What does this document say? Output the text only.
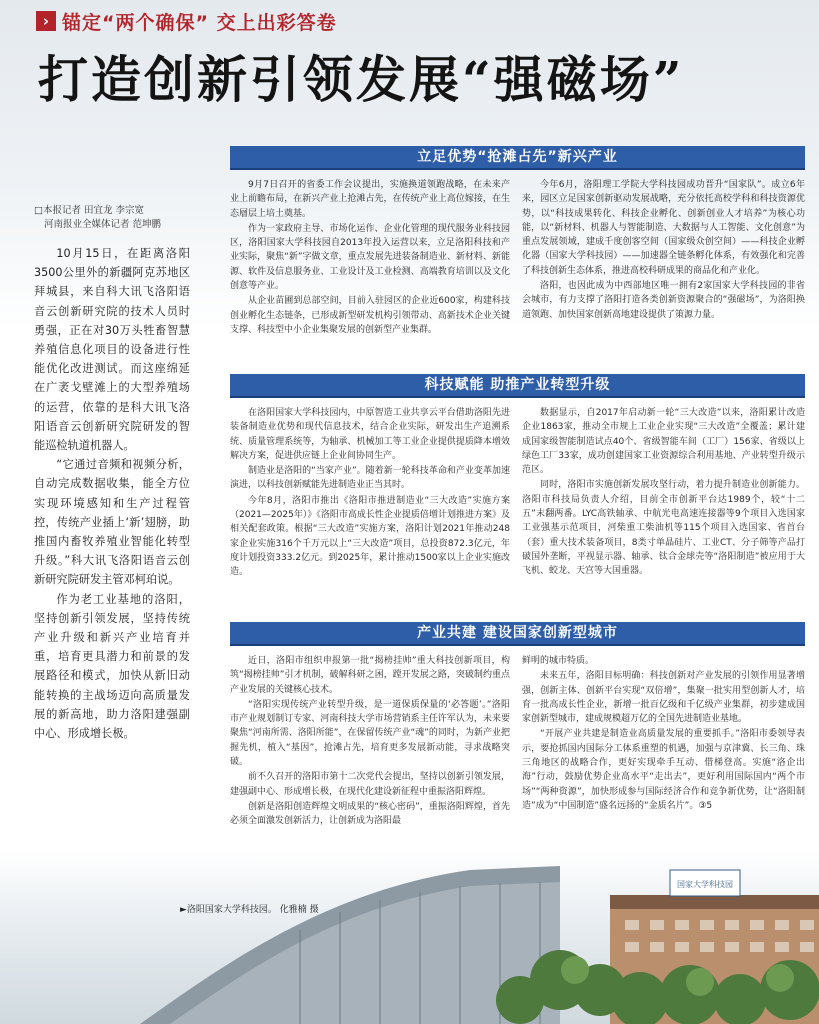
› 锚定“两个确保” 交上出彩答卷
打造创新引领发展“强磁场”
立足优势“抢滩占先”新兴产业

9月7日召开的省委工作会议提出，实施换道领跑战略，在未来产业上前瞻布局，在新兴产业上抢滩占先，在传统产业上高位嫁接，在生态層层上培土奠基。

作为一家政府主导、市场化运作、企业化管理的现代服务业科技园区，洛阳国家大学科技园自2013年投入运营以来，立足洛阳科技和产业实际，聚焦“新”字做文章，重点发展先进装备制造业、新材料、新能源、软件及信息服务业、工业设计及工业检测、高端教育培训以及文化创意等产业。

从企业苗圃到总部空间，目前入驻园区的企业近600家，构建科技创业孵化生态链条，已形成新型研发机构引领带动、高新技术企业关键支撑、科技型中小企业集聚发展的创新型产业集群。

今年6月，洛阳理工学院大学科技园成功晋升“国家队”。成立6年来，园区立足国家创新驱动发展战略，充分依托高校学科和科技资源优势，以“科技成果转化、科技企业孵化、创新创业人才培养”为核心功能，以“新材料、机器人与智能制造、大数据与人工智能、文化创意”为重点发展领域，建成千度创客空间（国家级众创空间）——科技企业孵化器（国家大学科技园）——加速器全链条孵化体系，有效强化和完善了科技创新生态体系，推进高校科研成果的商品化和产业化。

洛阳，也因此成为中西部地区唯一拥有2家国家大学科技园的非省会城市，有力支撑了洛阳打造各类创新资源聚合的“强磁场”，为洛阳换道领跑、加快国家创新高地建设提供了策源力量。

□本报记者 田宜龙 李宗宽
河南报业全媒体记者 范坤鹏

10月15日，在距离洛阳3500公里外的新疆阿克苏地区拜城县，来自科大讯飞洛阳语音云创新研究院的技术人员时勇强，正在对30万头牲畜智慧养殖信息化项目的设备进行性能优化改进测试。而这座绵延在广袤戈壁滩上的大型养殖场的运营，依靠的是科大讯飞洛阳语音云创新研究院研发的智能巡检轨道机器人。

“它通过音频和视频分析，自动完成数据收集，能全方位实现环境感知和生产过程管控，传统产业插上‘新’翅膀，助推国内畜牧养殖业智能化转型升级。”科大讯飞洛阳语音云创新研究院研发主管邓柯珀说。

作为老工业基地的洛阳，坚持创新引领发展，坚持传统产业升级和新兴产业培育并重，培育更具潜力和前景的发展路径和模式，加快从新旧动能转换的主战场迈向高质量发展的新高地，助力洛阳建强副中心、形成增长极。

科技赋能 助推产业转型升级

在洛阳国家大学科技园内，中原智造工业共享云平台借助洛阳先进装备制造业优势和现代信息技术，结合企业实际，研发出生产追溯系统、质量管理系统等，为轴承、机械加工等工业企业提供提质降本增效解决方案，促进供应链上企业间协同生产。

制造业是洛阳的“当家产业”。随着新一轮科技革命和产业变革加速演进，以科技创新赋能先进制造业正当其时。

今年8月，洛阳市推出《洛阳市推进制造业“三大改造”实施方案（2021—2025年）》《洛阳市高成长性企业提质倍增计划推进方案》及相关配套政策。根据“三大改造”实施方案，洛阳计划2021年推动248家企业实施316个千万元以上“三大改造”项目，总投资872.3亿元，年度计划投资333.2亿元。到2025年，累计推动1500家以上企业实施改造。

数据显示，自2017年启动新一轮“三大改造”以来，洛阳累计改造企业1863家，推动全市规上工业企业实现“三大改造”全覆盖；累计建成国家级智能制造试点40个、省级智能车间（工厂）156家、省级以上绿色工厂33家，成功创建国家工业资源综合利用基地、产业转型升级示范区。

同时，洛阳市实施创新发展攻坚行动，着力提升制造业创新能力。洛阳市科技局负责人介绍，目前全市创新平台达1989个，较“十二五”末翻两番。LYC高铁轴承、中航光电高速连接器等9个项目入选国家工业强基示范项目，河柴重工柴油机等115个项目入选国家、省首台（套）重大技术装备项目，8类寸单晶硅片、工业CT、分子筛等产品打破国外垄断，平视显示器、轴承、钛合金球壳等“洛阳制造”被应用于大飞机、蛟龙、天宫等大国重器。

产业共建 建设国家创新型城市

近日，洛阳市组织申报第一批“揭榜挂帅”重大科技创新项目，构筑“揭榜挂帅”引才机制，破解科研之困，蹚开发展之路，突破制约重点产业发展的关键核心技术。

“洛阳实现传统产业转型升级，是一道保质保量的‘必答题’。”洛阳市产业规划制订专家、河南科技大学市场营销系主任许军认为，未来要聚焦“河南所需、洛阳所能”，在保留传统产业“魂”的同时，为新产业把握先机，植入“基因”，抢滩占先，培育更多发展新动能，寻求战略突破。

前不久召开的洛阳市第十二次党代会提出，坚持以创新引领发展，建强副中心、形成增长极，在现代化建设新征程中重振洛阳辉煌。

创新是洛阳创造辉煌文明成果的“核心密码”，重振洛阳辉煌，首先必须全面激发创新活力，让创新成为洛阳最

鲜明的城市特质。

未来五年，洛阳目标明确：科技创新对产业发展的引领作用显著增强，创新主体、创新平台实现“双倍增”，集聚一批实用型创新人才，培育一批高成长性企业，新增一批百亿级和千亿级产业集群，初步建成国家创新型城市，建成规模超万亿的全国先进制造业基地。

“开展产业共建是制造业高质量发展的重要抓手。”洛阳市委领导表示，要抢抓国内国际分工体系重塑的机遇，加强与京津冀、长三角、珠三角地区的战略合作，更好实现牵手互动、借梯登高。实施“洛企出海”行动，鼓励优势企业高水平“走出去”，更好利用国际国内“两个市场”“两种资源”，加快形成参与国际经济合作和竞争新优势，让“洛阳制造”成为“中国制造”盛名远扬的“金质名片”。③5

国家大学科技园
►洛阳国家大学科技园。 化雅楠 摄
